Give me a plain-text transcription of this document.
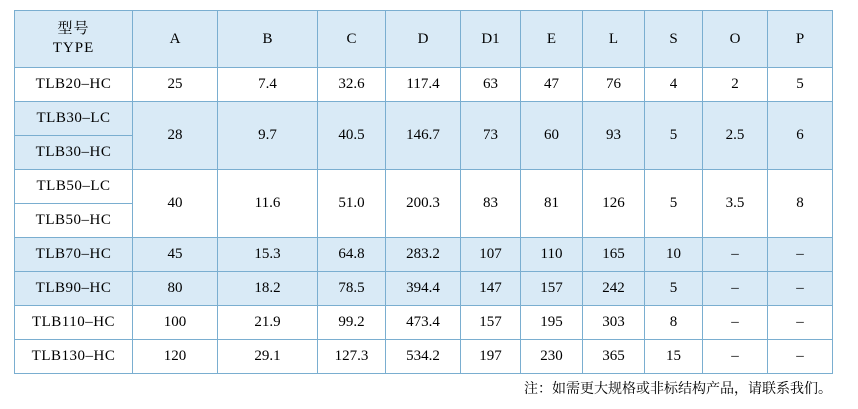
型号
TYPE	A	B	C	D	D1	E	L	S	O	P
TLB20–HC	25	7.4	32.6	117.4	63	47	76	4	2	5
TLB30–LC	28	9.7	40.5	146.7	73	60	93	5	2.5	6
TLB30–HC										
TLB50–LC	40	11.6	51.0	200.3	83	81	126	5	3.5	8
TLB50–HC										
TLB70–HC	45	15.3	64.8	283.2	107	110	165	10	–	–
TLB90–HC	80	18.2	78.5	394.4	147	157	242	5	–	–
TLB110–HC	100	21.9	99.2	473.4	157	195	303	8	–	–
TLB130–HC	120	29.1	127.3	534.2	197	230	365	15	–	–
注：如需更大规格或非标结构产品，请联系我们。
